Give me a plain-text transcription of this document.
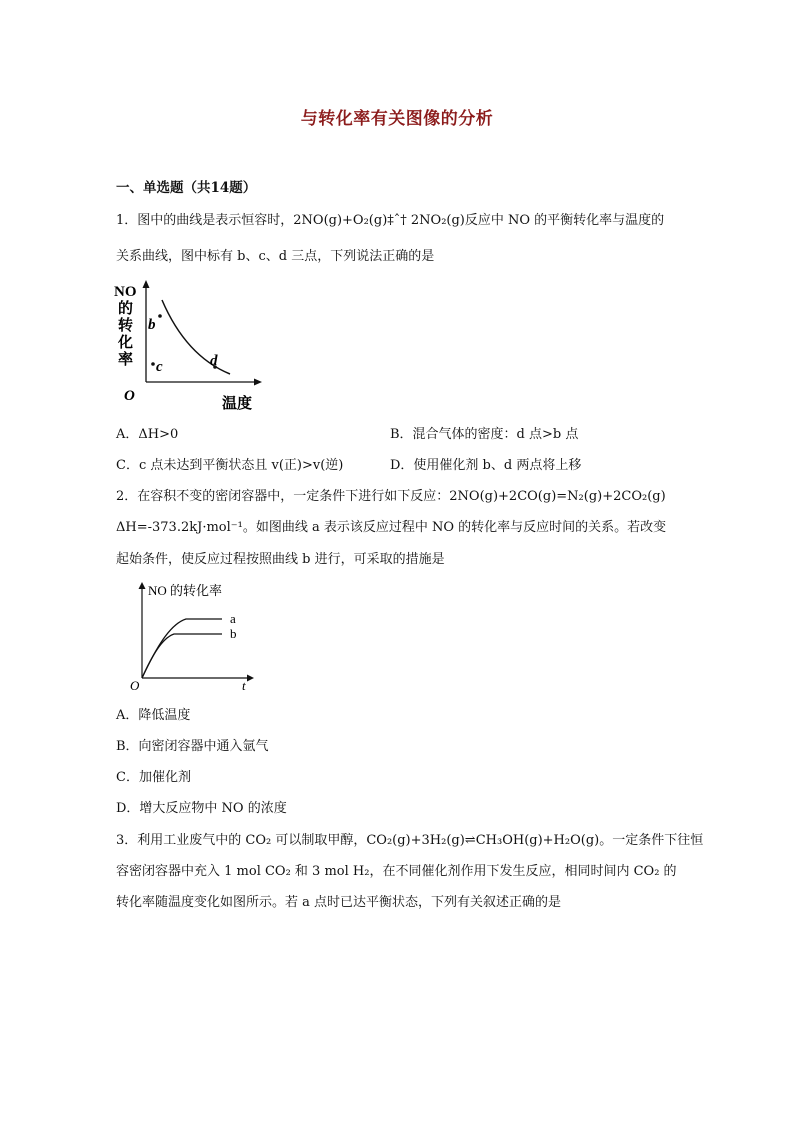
与转化率有关图像的分析
一、单选题（共14题）
1．图中的曲线是表示恒容时，2NO(g)+O₂(g)‡ˆ† 2NO₂(g)反应中 NO 的平衡转化率与温度的
关系曲线，图中标有 b、c、d 三点，下列说法正确的是
NO
的
转
化
率
O	温度
b
d
c
A．ΔH>0	B．混合气体的密度：d 点>b 点
C．c 点未达到平衡状态且 v(正)>v(逆)	D．使用催化剂 b、d 两点将上移
2．在容积不变的密闭容器中，一定条件下进行如下反应：2NO(g)+2CO(g)=N₂(g)+2CO₂(g)
ΔH=-373.2kJ·mol⁻¹。如图曲线 a 表示该反应过程中 NO 的转化率与反应时间的关系。若改变
起始条件，使反应过程按照曲线 b 进行，可采取的措施是
NO 的转化率
a
b
O	t
A．降低温度
B．向密闭容器中通入氩气
C．加催化剂
D．增大反应物中 NO 的浓度
3．利用工业废气中的 CO₂ 可以制取甲醇，CO₂(g)+3H₂(g)⇌CH₃OH(g)+H₂O(g)。一定条件下往恒
容密闭容器中充入 1 mol CO₂ 和 3 mol H₂，在不同催化剂作用下发生反应，相同时间内 CO₂ 的
转化率随温度变化如图所示。若 a 点时已达平衡状态，下列有关叙述正确的是
